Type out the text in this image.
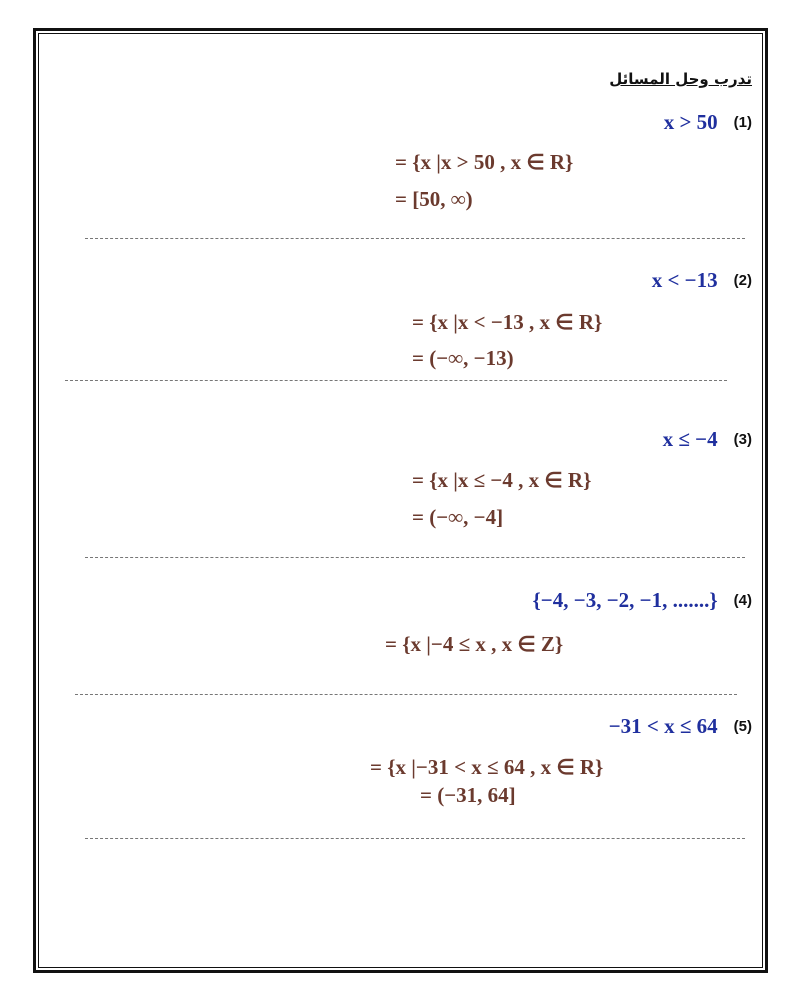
تدرب وحل المسائل
x > 50 (1)
= {x |x > 50 , x ∈ R}
= [50, ∞)
x < −13 (2)
= {x |x < −13 , x ∈ R}
= (−∞, −13)
x ≤ −4 (3)
= {x |x ≤ −4 , x ∈ R}
= (−∞, −4]
{−4, −3, −2, −1, .......} (4)
= {x |−4 ≤ x , x ∈ Z}
−31 < x ≤ 64 (5)
= {x |−31 < x ≤ 64 , x ∈ R}
= (−31, 64]
